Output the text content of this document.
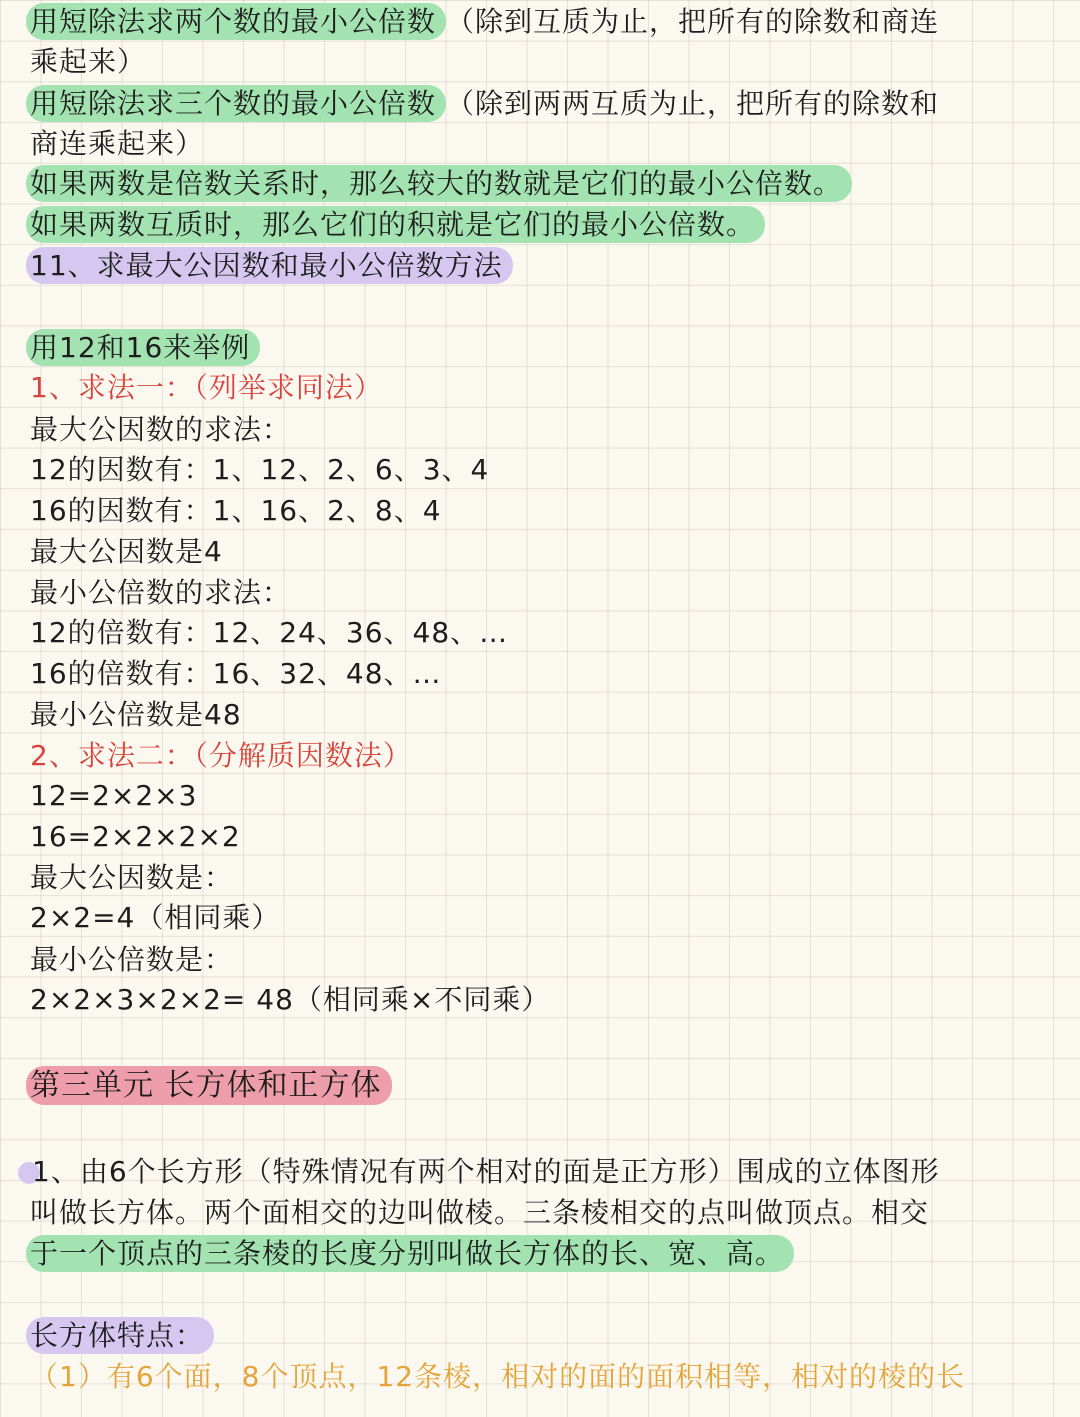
用短除法求两个数的最小公倍数 （除到互质为止，把所有的除数和商连
乘起来）
用短除法求三个数的最小公倍数 （除到两两互质为止，把所有的除数和
商连乘起来）
如果两数是倍数关系时，那么较大的数就是它们的最小公倍数。
如果两数互质时，那么它们的积就是它们的最小公倍数。
11、求最大公因数和最小公倍数方法
用12和16来举例
1、求法一：（列举求同法）
最大公因数的求法：
12的因数有：1、12、2、6、3、4
16的因数有：1、16、2、8、4
最大公因数是4
最小公倍数的求法：
12的倍数有：12、24、36、48、…
16的倍数有：16、32、48、…
最小公倍数是48
2、求法二：（分解质因数法）
12=2×2×3
16=2×2×2×2
最大公因数是：
2×2=4（相同乘）
最小公倍数是：
2×2×3×2×2= 48（相同乘×不同乘）
第三单元 长方体和正方体
1、由6个长方形（特殊情况有两个相对的面是正方形）围成的立体图形
叫做长方体。两个面相交的边叫做棱。三条棱相交的点叫做顶点。相交
于一个顶点的三条棱的长度分别叫做长方体的长、宽、高。
长方体特点：
（1）有6个面，8个顶点，12条棱，相对的面的面积相等，相对的棱的长
